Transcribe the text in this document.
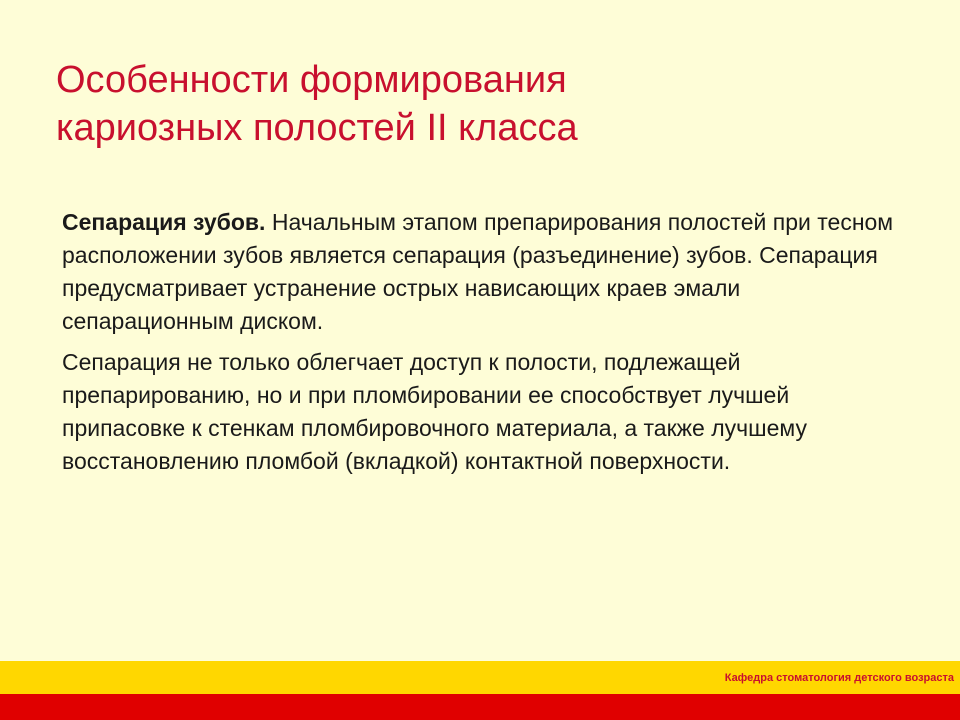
Особенности формирования
кариозных полостей II класса

Сепарация зубов. Начальным этапом препарирования полостей при тесном расположении зубов является сепарация (разъединение) зубов. Сепарация предусматривает устранение острых нависающих краев эмали сепарационным диском.

Сепарация не только облегчает доступ к полости, подлежащей препарированию, но и при пломбировании ее способствует лучшей припасовке к стенкам пломбировочного материала, а также лучшему восстановлению пломбой (вкладкой) контактной поверхности.

Кафедра стоматология детского возраста
